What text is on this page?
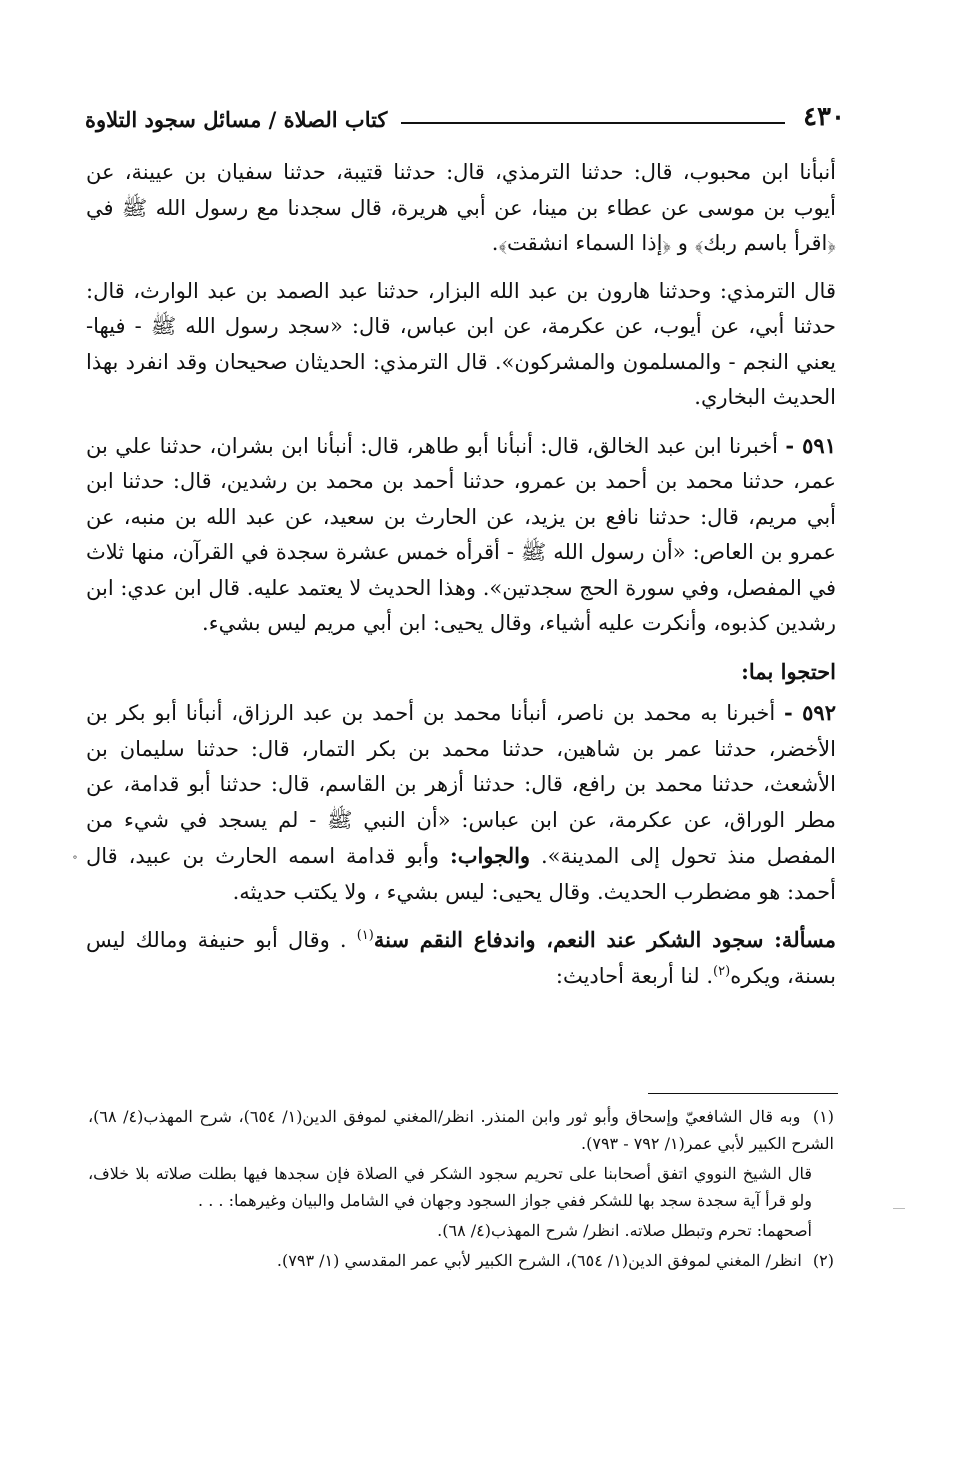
٤٣٠
كتاب الصلاة / مسائل سجود التلاوة

أنبأنا ابن محبوب، قال: حدثنا الترمذي، قال: حدثنا قتيبة، حدثنا سفيان بن عيينة، عن أيوب بن موسى عن عطاء بن مينا، عن أبي هريرة، قال سجدنا مع رسول الله ﷺ في ﴿اقرأ باسم ربك﴾ و ﴿إذا السماء انشقت﴾.

قال الترمذي: وحدثنا هارون بن عبد الله البزار، حدثنا عبد الصمد بن عبد الوارث، قال: حدثنا أبي، عن أيوب، عن عكرمة، عن ابن عباس، قال: «سجد رسول الله ﷺ - فيها- يعني النجم - والمسلمون والمشركون». قال الترمذي: الحديثان صحيحان وقد انفرد بهذا الحديث البخاري.

٥٩١ - أخبرنا ابن عبد الخالق، قال: أنبأنا أبو طاهر، قال: أنبأنا ابن بشران، حدثنا علي بن عمر، حدثنا محمد بن أحمد بن عمرو، حدثنا أحمد بن محمد بن رشدين، قال: حدثنا ابن أبي مريم، قال: حدثنا نافع بن يزيد، عن الحارث بن سعيد، عن عبد الله بن منبه، عن عمرو بن العاص: «أن رسول الله ﷺ - أقرأه خمس عشرة سجدة في القرآن، منها ثلاث في المفصل، وفي سورة الحج سجدتين». وهذا الحديث لا يعتمد عليه. قال ابن عدي: ابن رشدين كذبوه، وأنكرت عليه أشياء، وقال يحيى: ابن أبي مريم ليس بشيء.

احتجوا بما:

٥٩٢ - أخبرنا به محمد بن ناصر، أنبأنا محمد بن أحمد بن عبد الرزاق، أنبأنا أبو بكر بن الأخضر، حدثنا عمر بن شاهين، حدثنا محمد بن بكر التمار، قال: حدثنا سليمان بن الأشعث، حدثنا محمد بن رافع، قال: حدثنا أزهر بن القاسم، قال: حدثنا أبو قدامة، عن مطر الوراق، عن عكرمة، عن ابن عباس: «أن النبي ﷺ - لم يسجد في شيء من المفصل منذ تحول إلى المدينة». والجواب: وأبو قدامة اسمه الحارث بن عبيد، قال أحمد: هو مضطرب الحديث. وقال يحيى: ليس بشيء ، ولا يكتب حديثه.

مسألة: سجود الشكر عند النعم، واندفاع النقم سنة$^{(١)}$ . وقال أبو حنيفة ومالك ليس بسنة، ويكره$^{(٢)}$. لنا أربعة أحاديث:

(١) وبه قال الشافعيّ وإسحاق وأبو ثور وابن المنذر. انظر/المغني لموفق الدين(١/ ٦٥٤)، شرح المهذب(٤/ ٦٨)، الشرح الكبير لأبي عمر(١/ ٧٩٢ - ٧٩٣).

قال الشيخ النووي اتفق أصحابنا على تحريم سجود الشكر في الصلاة فإن سجدها فيها بطلت صلاته بلا خلاف، ولو قرأ آية سجدة سجد بها للشكر ففي جواز السجود وجهان في الشامل والبيان وغيرهما: . . .

أصحهما: تحرم وتبطل صلاته. انظر/ شرح المهذب(٤/ ٦٨).

(٢) انظر/ المغني لموفق الدين(١/ ٦٥٤)، الشرح الكبير لأبي عمر المقدسي (١/ ٧٩٣).
